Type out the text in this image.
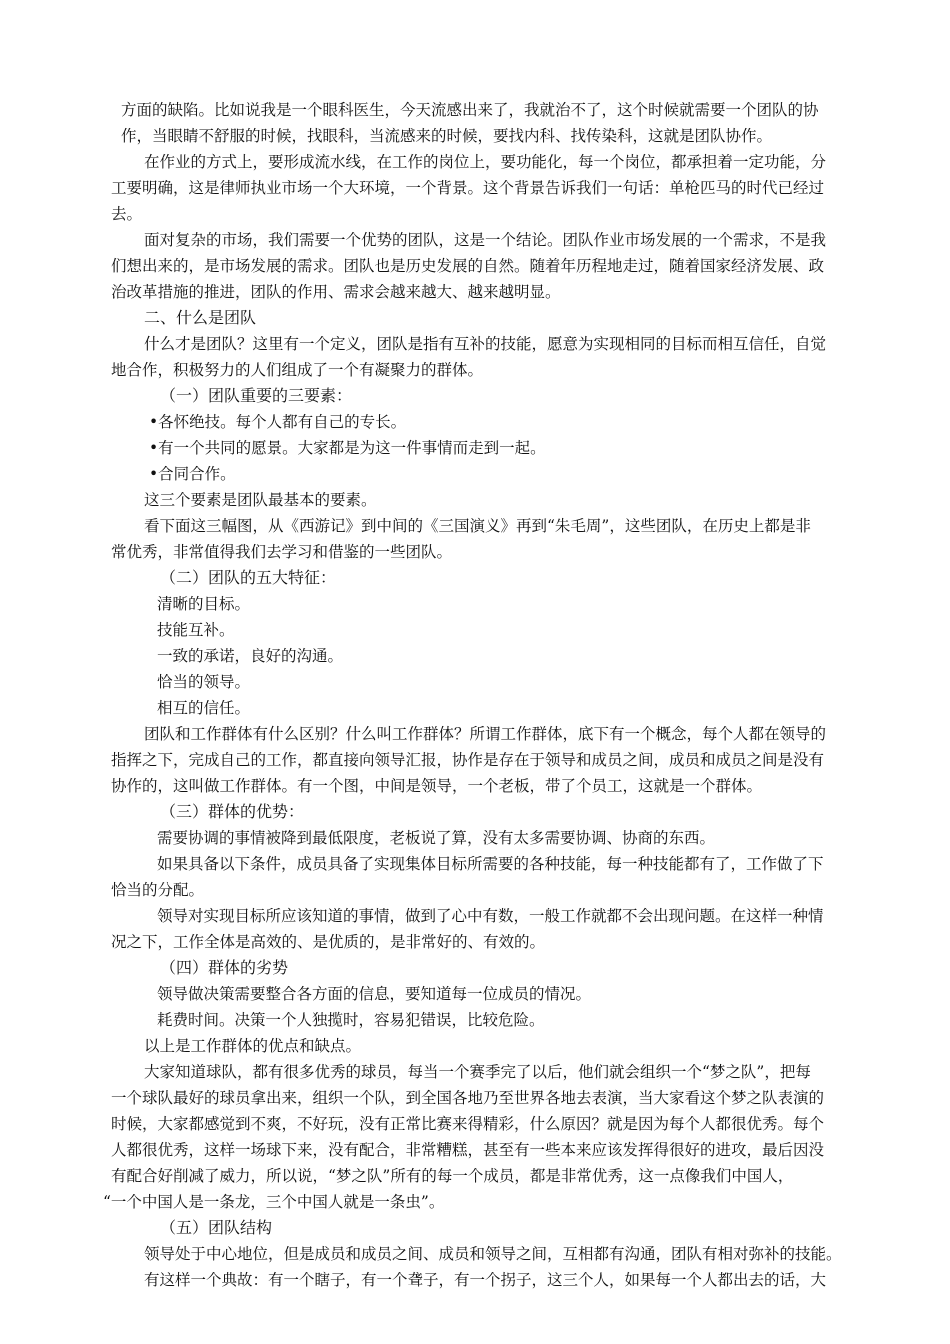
方面的缺陷。比如说我是一个眼科医生，今天流感出来了，我就治不了，这个时候就需要一个团队的协
作，当眼睛不舒服的时候，找眼科，当流感来的时候，要找内科、找传染科，这就是团队协作。
在作业的方式上，要形成流水线，在工作的岗位上，要功能化，每一个岗位，都承担着一定功能，分
工要明确，这是律师执业市场一个大环境，一个背景。这个背景告诉我们一句话：单枪匹马的时代已经过
去。
面对复杂的市场，我们需要一个优势的团队，这是一个结论。团队作业市场发展的一个需求，不是我
们想出来的，是市场发展的需求。团队也是历史发展的自然。随着年历程地走过，随着国家经济发展、政
治改革措施的推进，团队的作用、需求会越来越大、越来越明显。
二、什么是团队
什么才是团队？这里有一个定义，团队是指有互补的技能，愿意为实现相同的目标而相互信任，自觉
地合作，积极努力的人们组成了一个有凝聚力的群体。
（一）团队重要的三要素：
•各怀绝技。每个人都有自己的专长。
•有一个共同的愿景。大家都是为这一件事情而走到一起。
•合同合作。
这三个要素是团队最基本的要素。
看下面这三幅图，从《西游记》到中间的《三国演义》再到“朱毛周”，这些团队，在历史上都是非
常优秀，非常值得我们去学习和借鉴的一些团队。
（二）团队的五大特征：
清晰的目标。
技能互补。
一致的承诺，良好的沟通。
恰当的领导。
相互的信任。
团队和工作群体有什么区别？什么叫工作群体？所谓工作群体，底下有一个概念，每个人都在领导的
指挥之下，完成自己的工作，都直接向领导汇报，协作是存在于领导和成员之间，成员和成员之间是没有
协作的，这叫做工作群体。有一个图，中间是领导，一个老板，带了个员工，这就是一个群体。
（三）群体的优势：
需要协调的事情被降到最低限度，老板说了算，没有太多需要协调、协商的东西。
如果具备以下条件，成员具备了实现集体目标所需要的各种技能，每一种技能都有了，工作做了下
恰当的分配。
领导对实现目标所应该知道的事情，做到了心中有数，一般工作就都不会出现问题。在这样一种情
况之下，工作全体是高效的、是优质的，是非常好的、有效的。
（四）群体的劣势
领导做决策需要整合各方面的信息，要知道每一位成员的情况。
耗费时间。决策一个人独揽时，容易犯错误，比较危险。
以上是工作群体的优点和缺点。
大家知道球队，都有很多优秀的球员，每当一个赛季完了以后，他们就会组织一个“梦之队”，把每
一个球队最好的球员拿出来，组织一个队，到全国各地乃至世界各地去表演，当大家看这个梦之队表演的
时候，大家都感觉到不爽，不好玩，没有正常比赛来得精彩，什么原因？就是因为每个人都很优秀。每个
人都很优秀，这样一场球下来，没有配合，非常糟糕，甚至有一些本来应该发挥得很好的进攻，最后因没
有配合好削减了威力，所以说，“梦之队”所有的每一个成员，都是非常优秀，这一点像我们中国人，
“一个中国人是一条龙，三个中国人就是一条虫”。
（五）团队结构
领导处于中心地位，但是成员和成员之间、成员和领导之间，互相都有沟通，团队有相对弥补的技能。
有这样一个典故：有一个瞎子，有一个聋子，有一个拐子，这三个人，如果每一个人都出去的话，大
